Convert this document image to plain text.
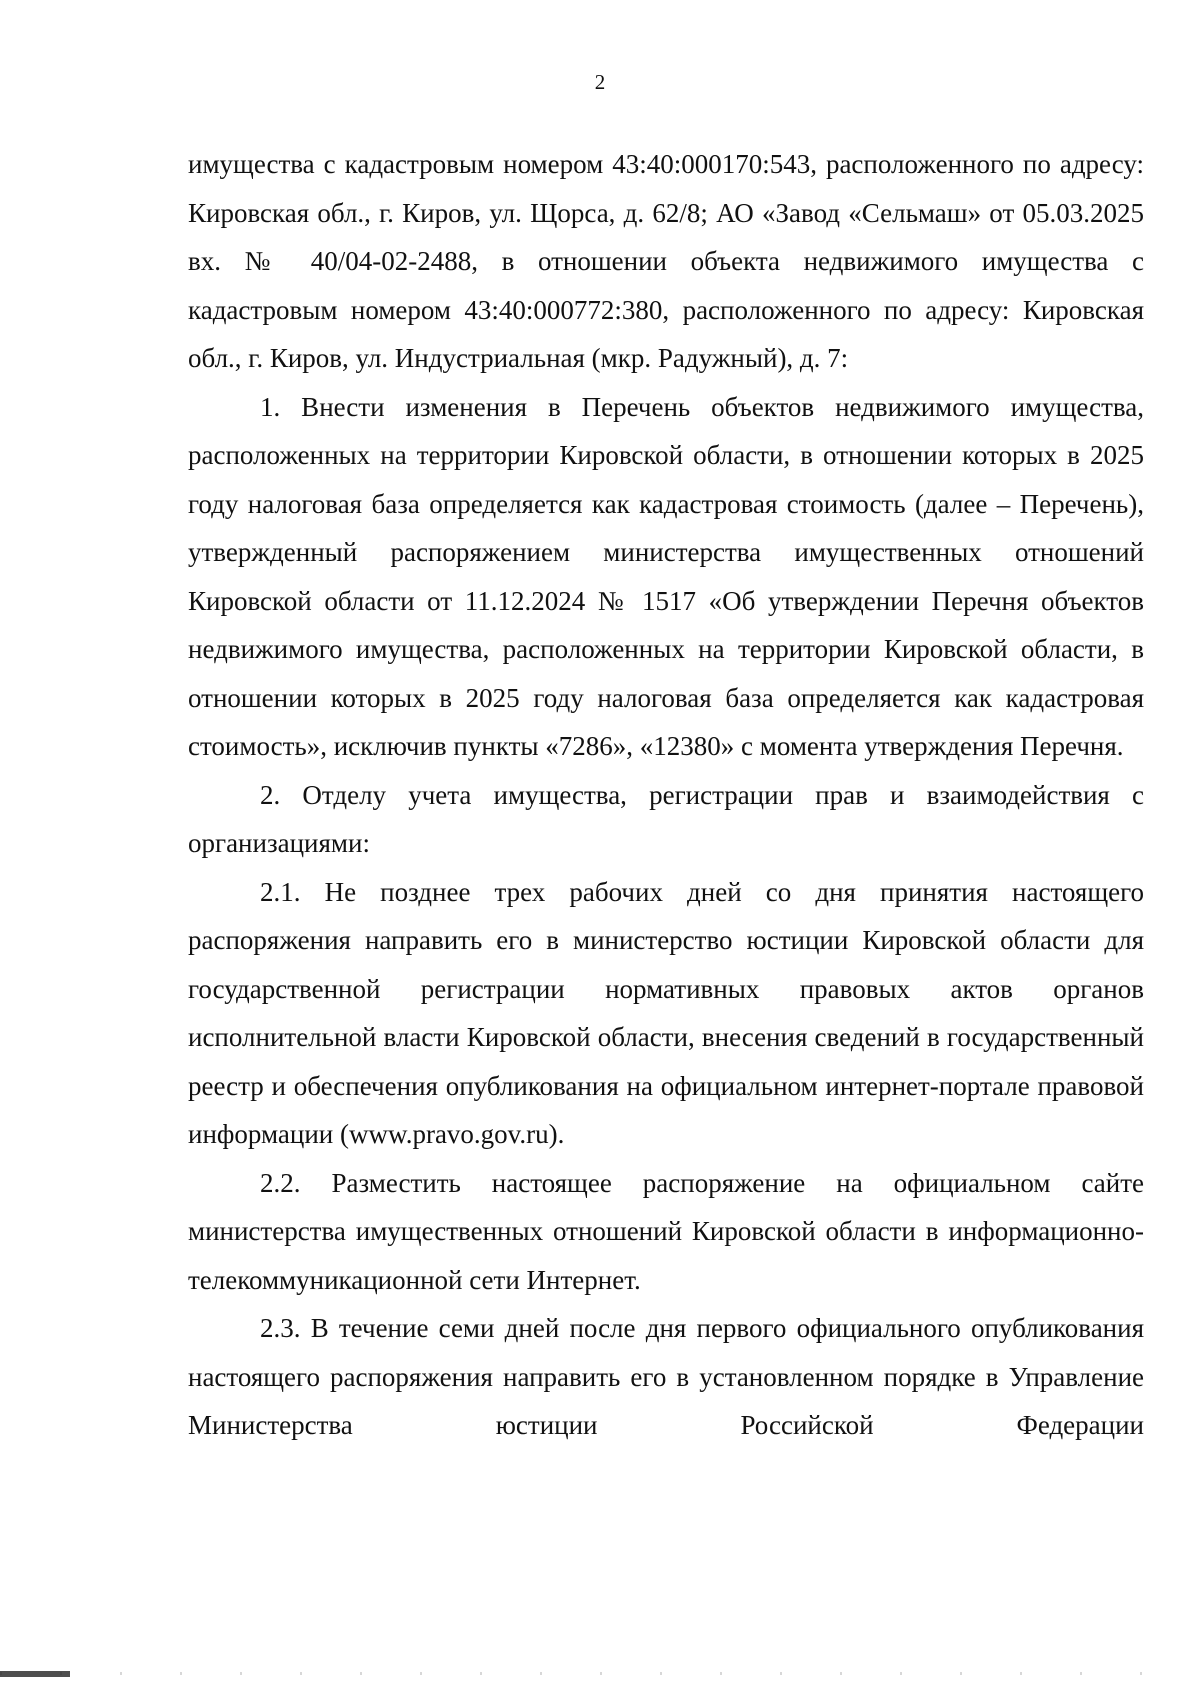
2

имущества с кадастровым номером 43:40:000170:543, расположенного по адресу: Кировская обл., г. Киров, ул. Щорса, д. 62/8; АО «Завод «Сельмаш» от 05.03.2025 вх. № 40/04-02-2488, в отношении объекта недвижимого имущества с кадастровым номером 43:40:000772:380, расположенного по адресу: Кировская обл., г. Киров, ул. Индустриальная (мкр. Радужный), д. 7:

1. Внести изменения в Перечень объектов недвижимого имущества, расположенных на территории Кировской области, в отношении которых в 2025 году налоговая база определяется как кадастровая стоимость (далее – Перечень), утвержденный распоряжением министерства имущественных отношений Кировской области от 11.12.2024 № 1517 «Об утверждении Перечня объектов недвижимого имущества, расположенных на территории Кировской области, в отношении которых в 2025 году налоговая база определяется как кадастровая стоимость», исключив пункты «7286», «12380» с момента утверждения Перечня.

2. Отделу учета имущества, регистрации прав и взаимодействия с организациями:

2.1. Не позднее трех рабочих дней со дня принятия настоящего распоряжения направить его в министерство юстиции Кировской области для государственной регистрации нормативных правовых актов органов исполнительной власти Кировской области, внесения сведений в государственный реестр и обеспечения опубликования на официальном интернет-портале правовой информации (www.pravo.gov.ru).

2.2. Разместить настоящее распоряжение на официальном сайте министерства имущественных отношений Кировской области в информационно-телекоммуникационной сети Интернет.

2.3. В течение семи дней после дня первого официального опубликования настоящего распоряжения направить его в установленном порядке в Управление Министерства юстиции Российской Федерации
